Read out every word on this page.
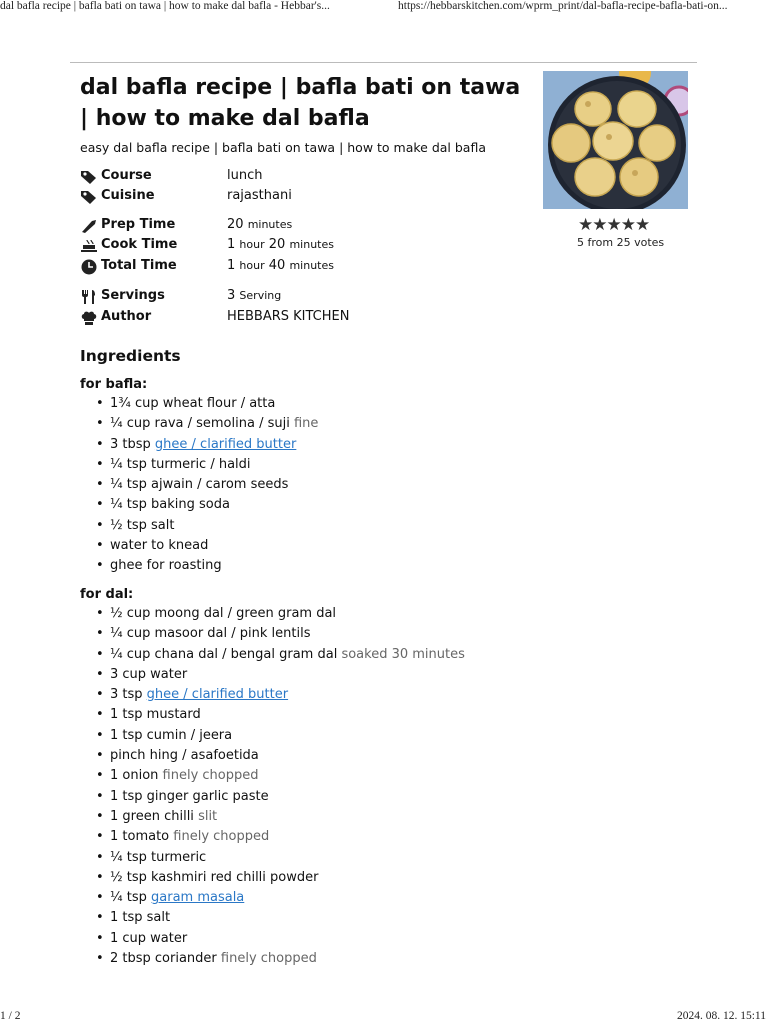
dal bafla recipe | bafla bati on tawa | how to make dal bafla - Hebbar's...	https://hebbarskitchen.com/wprm_print/dal-bafla-recipe-bafla-bati-on...
dal bafla recipe | bafla bati on tawa | how to make dal bafla

easy dal bafla recipe | bafla bati on tawa | how to make dal bafla

★★★★★
5 from 25 votes
Course	lunch
Cuisine	rajasthani
Prep Time	20 minutes
Cook Time	1 hour 20 minutes
Total Time	1 hour 40 minutes
Servings	3 Serving
Author	HEBBARS KITCHEN
Ingredients
for bafla:
• 1¾ cup wheat flour / atta
• ¼ cup rava / semolina / suji fine
• 3 tbsp ghee / clarified butter
• ¼ tsp turmeric / haldi
• ¼ tsp ajwain / carom seeds
• ¼ tsp baking soda
• ½ tsp salt
• water to knead
• ghee for roasting
for dal:
• ½ cup moong dal / green gram dal
• ¼ cup masoor dal / pink lentils
• ¼ cup chana dal / bengal gram dal soaked 30 minutes
• 3 cup water
• 3 tsp ghee / clarified butter
• 1 tsp mustard
• 1 tsp cumin / jeera
• pinch hing / asafoetida
• 1 onion finely chopped
• 1 tsp ginger garlic paste
• 1 green chilli slit
• 1 tomato finely chopped
• ¼ tsp turmeric
• ½ tsp kashmiri red chilli powder
• ¼ tsp garam masala
• 1 tsp salt
• 1 cup water
• 2 tbsp coriander finely chopped
1 / 2	2024. 08. 12. 15:11
